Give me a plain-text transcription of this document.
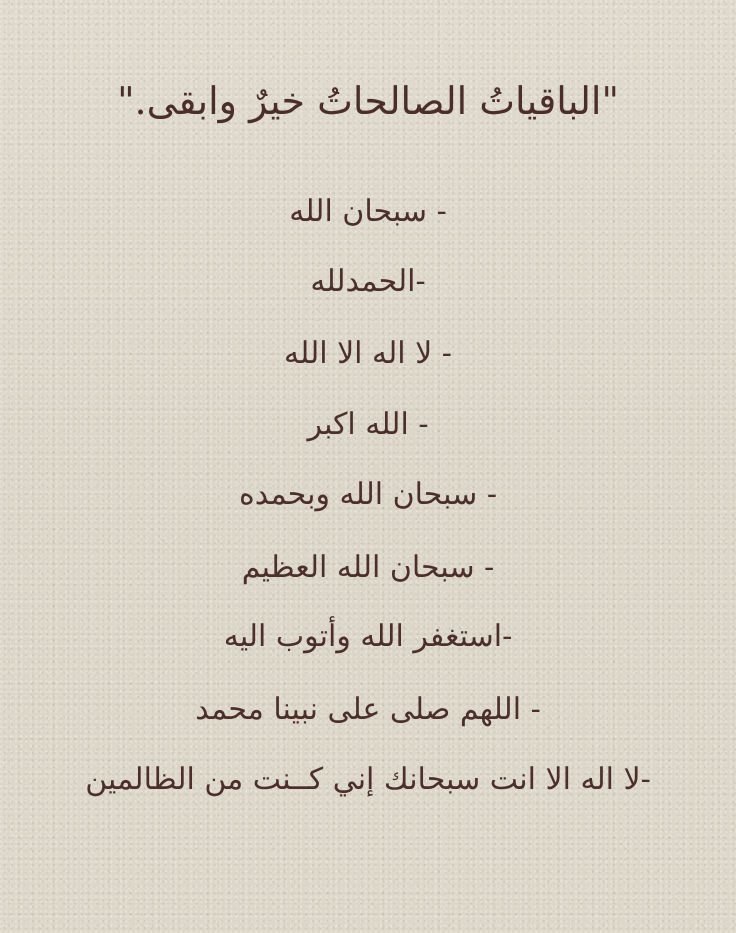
"الباقياتُ الصالحاتُ خيرٌ وابقى."
- سبحان الله
-الحمدلله
- لا اله الا الله
- الله اكبر
- سبحان الله وبحمده
- سبحان الله العظيم
-استغفر الله وأتوب اليه
- اللهم صلى على نبينا محمد
-لا اله الا انت سبحانك إني كــنت من الظالمين
